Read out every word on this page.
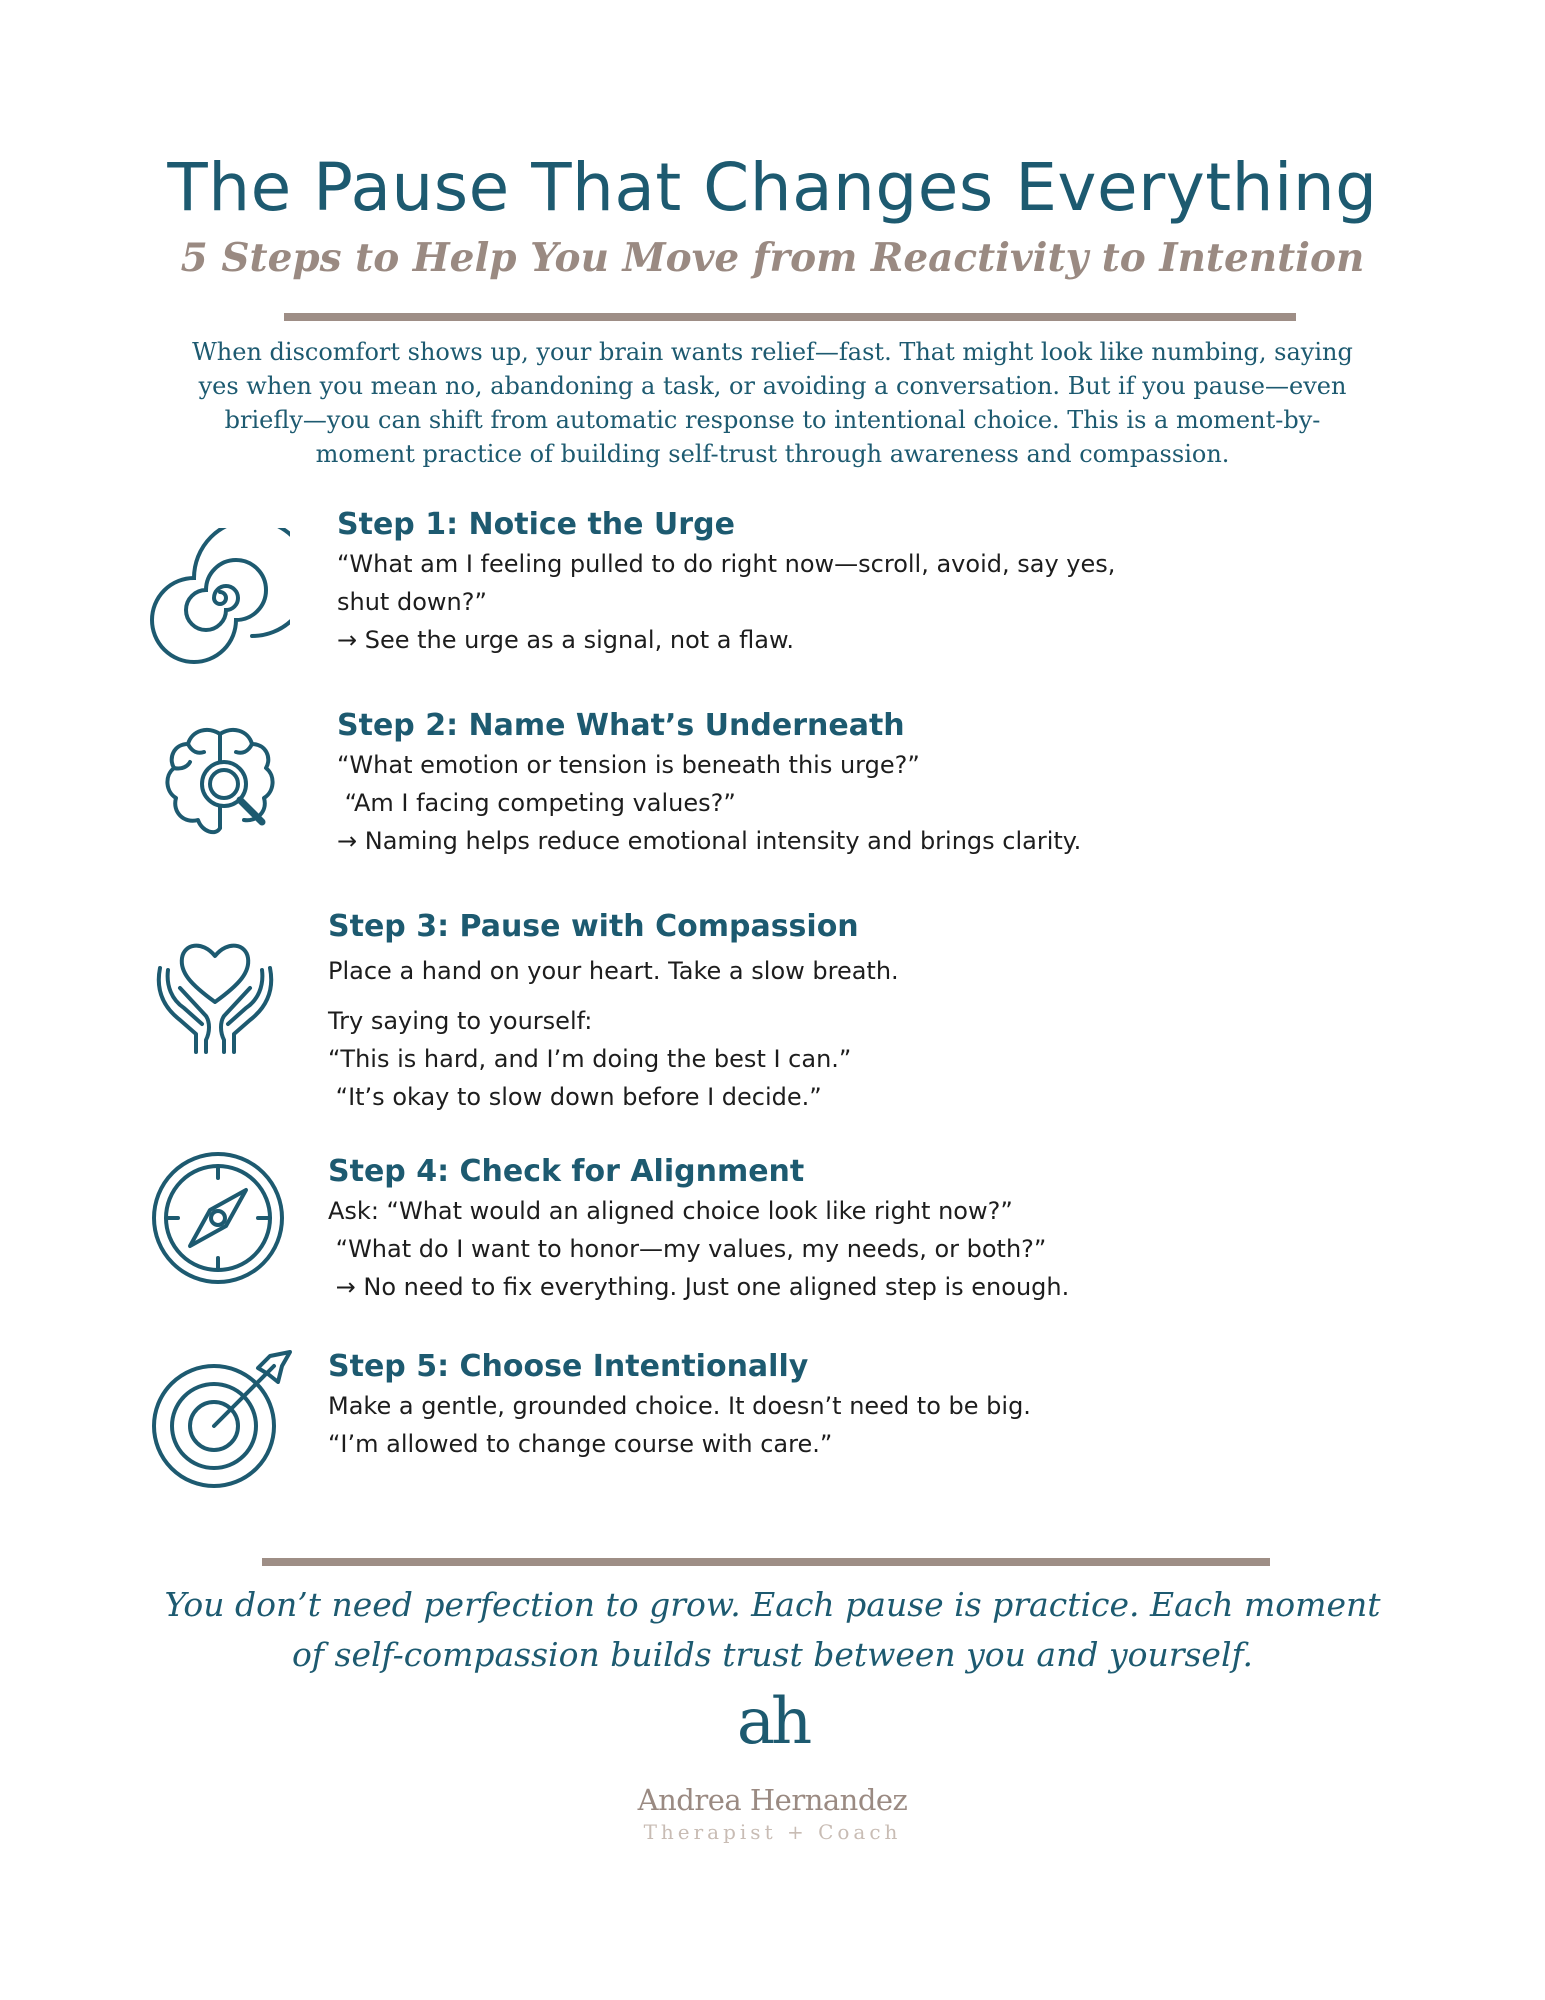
The Pause That Changes Everything
5 Steps to Help You Move from Reactivity to Intention
When discomfort shows up, your brain wants relief—fast. That might look like numbing, saying
yes when you mean no, abandoning a task, or avoiding a conversation. But if you pause—even
briefly—you can shift from automatic response to intentional choice. This is a moment-by-
moment practice of building self-trust through awareness and compassion.
Step 1: Notice the Urge

“What am I feeling pulled to do right now—scroll, avoid, say yes,

shut down?”

→ See the urge as a signal, not a flaw.

Step 2: Name What’s Underneath

“What emotion or tension is beneath this urge?”

“Am I facing competing values?”

→ Naming helps reduce emotional intensity and brings clarity.

Step 3: Pause with Compassion

Place a hand on your heart. Take a slow breath.

Try saying to yourself:

“This is hard, and I’m doing the best I can.”

“It’s okay to slow down before I decide.”

Step 4: Check for Alignment

Ask: “What would an aligned choice look like right now?”

“What do I want to honor—my values, my needs, or both?”

→ No need to fix everything. Just one aligned step is enough.

Step 5: Choose Intentionally

Make a gentle, grounded choice. It doesn’t need to be big.

“I’m allowed to change course with care.”

You don’t need perfection to grow. Each pause is practice. Each moment
of self-compassion builds trust between you and yourself.
ah
Andrea Hernandez
Therapist + Coach
